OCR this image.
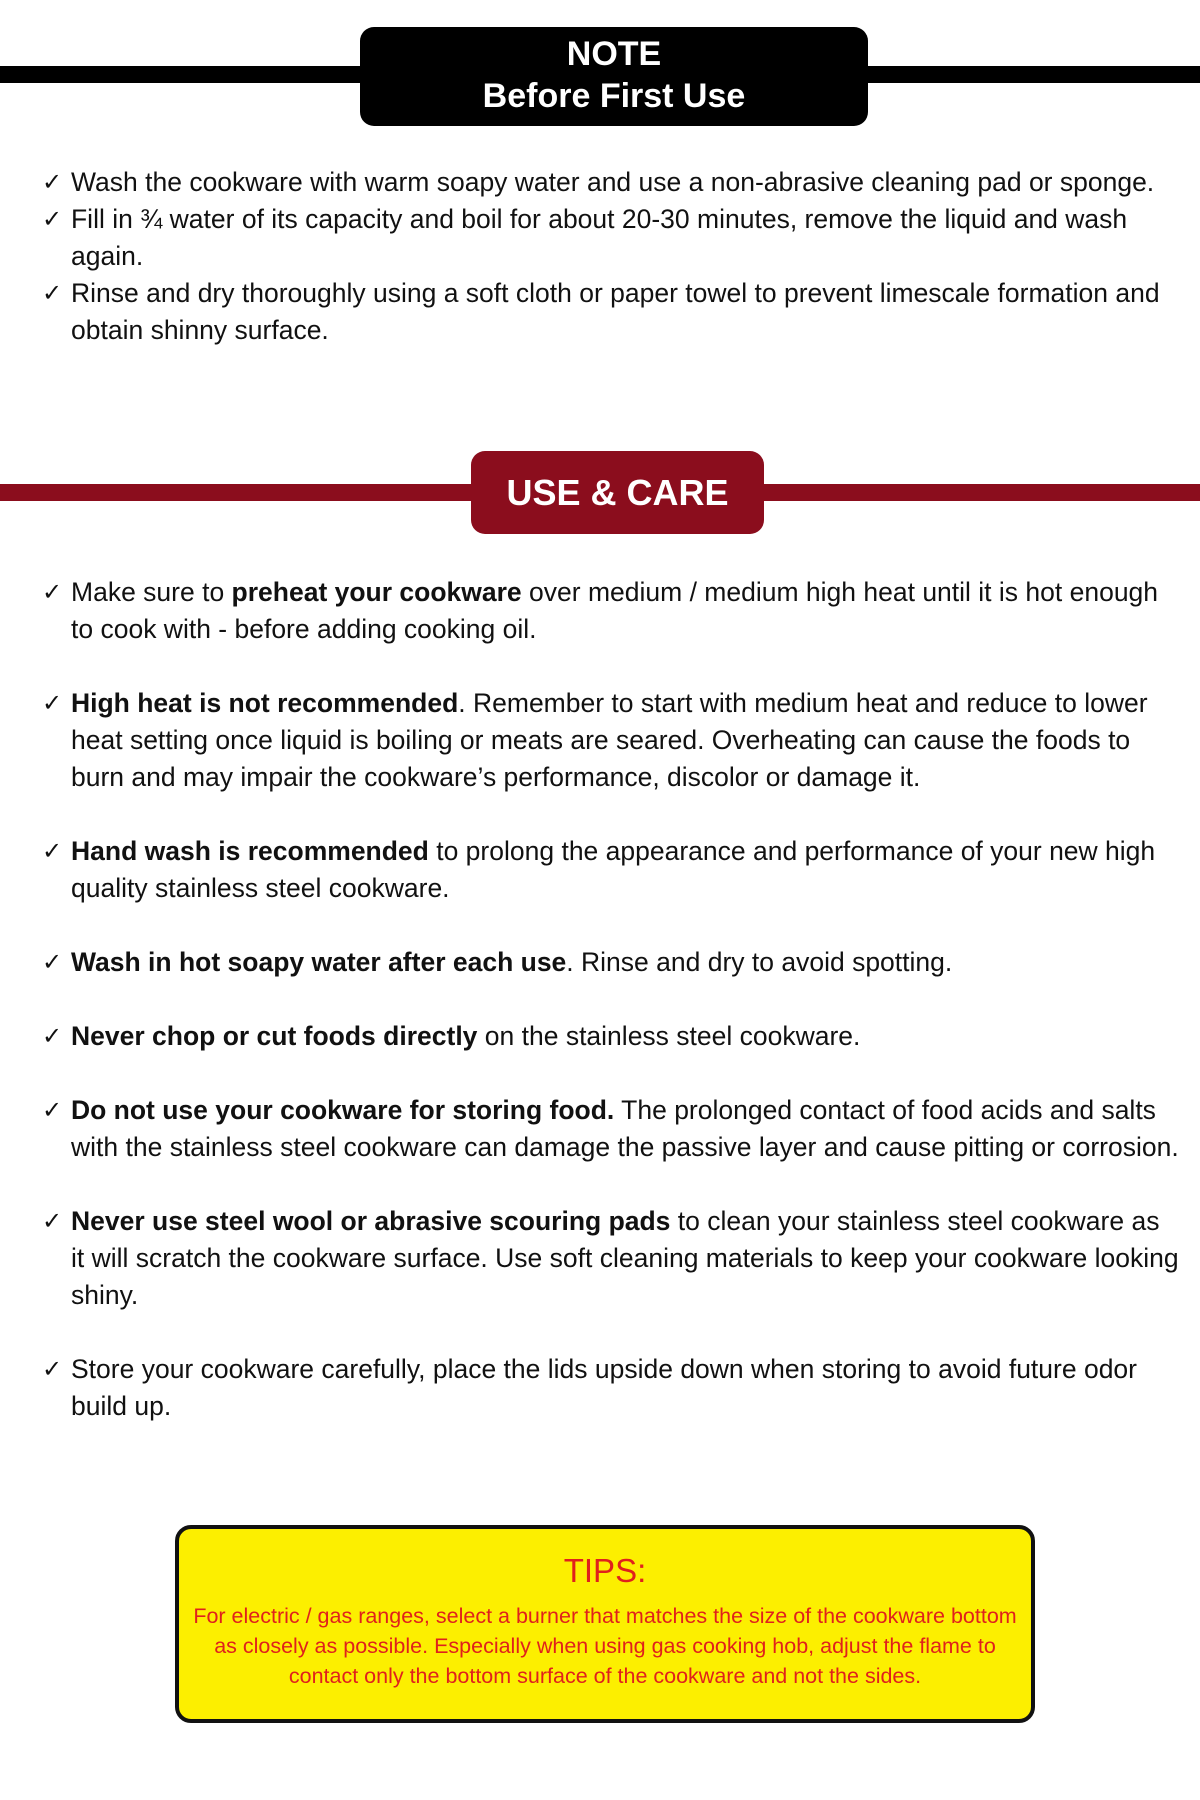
NOTE
Before First Use
✓ Wash the cookware with warm soapy water and use a non-abrasive cleaning pad or sponge.
✓ Fill in ¾ water of its capacity and boil for about 20-30 minutes, remove the liquid and wash again.
✓ Rinse and dry thoroughly using a soft cloth or paper towel to prevent limescale formation and obtain shinny surface.
USE & CARE
✓ Make sure to preheat your cookware over medium / medium high heat until it is hot enough to cook with - before adding cooking oil.
✓ High heat is not recommended. Remember to start with medium heat and reduce to lower heat setting once liquid is boiling or meats are seared. Overheating can cause the foods to burn and may impair the cookware’s performance, discolor or damage it.
✓ Hand wash is recommended to prolong the appearance and performance of your new high quality stainless steel cookware.
✓ Wash in hot soapy water after each use. Rinse and dry to avoid spotting.
✓ Never chop or cut foods directly on the stainless steel cookware.
✓ Do not use your cookware for storing food. The prolonged contact of food acids and salts with the stainless steel cookware can damage the passive layer and cause pitting or corrosion.
✓ Never use steel wool or abrasive scouring pads to clean your stainless steel cookware as it will scratch the cookware surface. Use soft cleaning materials to keep your cookware looking shiny.
✓ Store your cookware carefully, place the lids upside down when storing to avoid future odor build up.
TIPS:
For electric / gas ranges, select a burner that matches the size of the cookware bottom as closely as possible. Especially when using gas cooking hob, adjust the flame to contact only the bottom surface of the cookware and not the sides.
